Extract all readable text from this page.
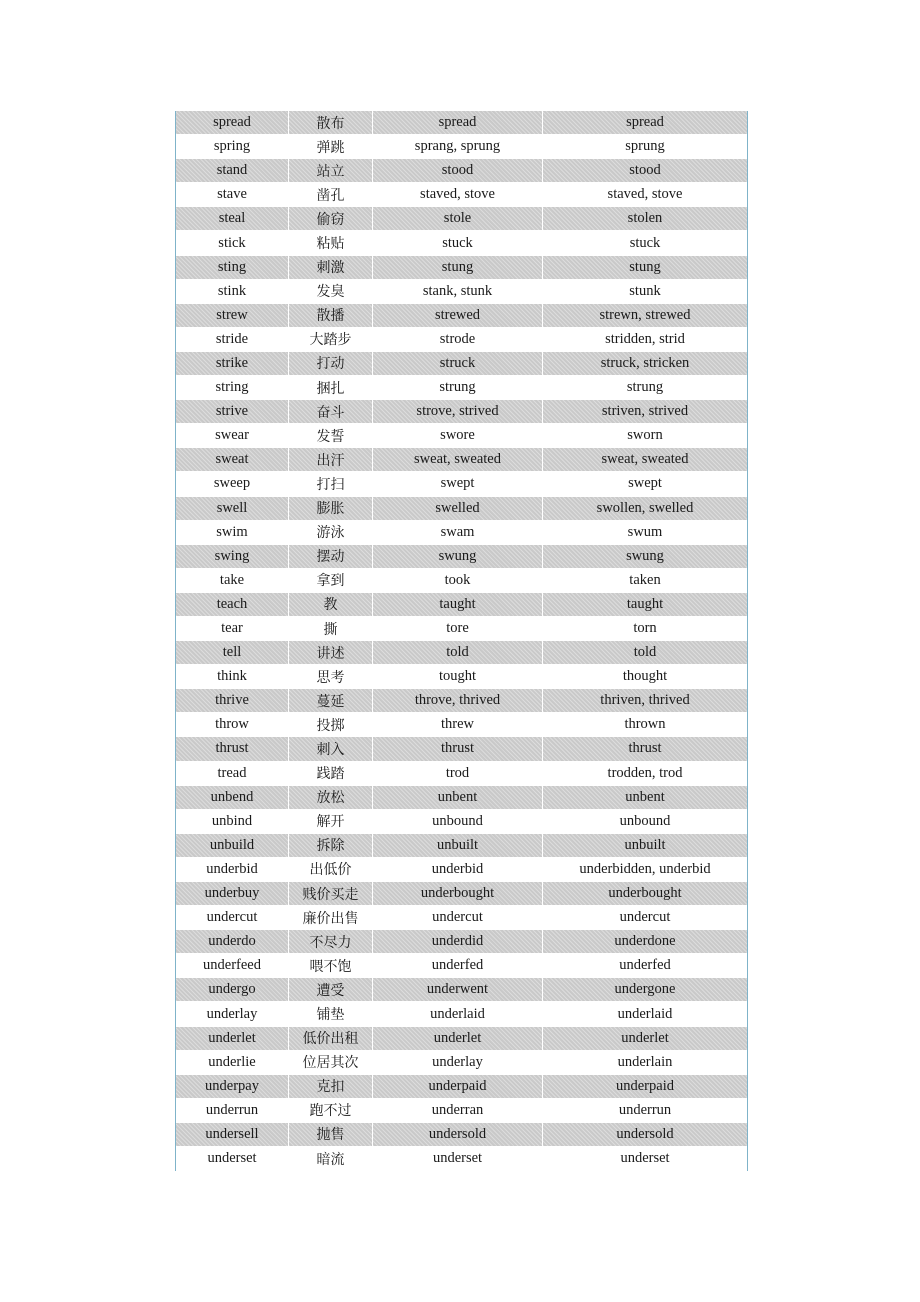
spread	散布	spread	spread
spring	弹跳	sprang, sprung	sprung
stand	站立	stood	stood
stave	凿孔	staved, stove	staved, stove
steal	偷窃	stole	stolen
stick	粘贴	stuck	stuck
sting	刺激	stung	stung
stink	发臭	stank, stunk	stunk
strew	散播	strewed	strewn, strewed
stride	大踏步	strode	stridden, strid
strike	打动	struck	struck, stricken
string	捆扎	strung	strung
strive	奋斗	strove, strived	striven, strived
swear	发誓	swore	sworn
sweat	出汗	sweat, sweated	sweat, sweated
sweep	打扫	swept	swept
swell	膨胀	swelled	swollen, swelled
swim	游泳	swam	swum
swing	摆动	swung	swung
take	拿到	took	taken
teach	教	taught	taught
tear	撕	tore	torn
tell	讲述	told	told
think	思考	tought	thought
thrive	蔓延	throve, thrived	thriven, thrived
throw	投掷	threw	thrown
thrust	刺入	thrust	thrust
tread	践踏	trod	trodden, trod
unbend	放松	unbent	unbent
unbind	解开	unbound	unbound
unbuild	拆除	unbuilt	unbuilt
underbid	出低价	underbid	underbidden, underbid
underbuy	贱价买走	underbought	underbought
undercut	廉价出售	undercut	undercut
underdo	不尽力	underdid	underdone
underfeed	喂不饱	underfed	underfed
undergo	遭受	underwent	undergone
underlay	铺垫	underlaid	underlaid
underlet	低价出租	underlet	underlet
underlie	位居其次	underlay	underlain
underpay	克扣	underpaid	underpaid
underrun	跑不过	underran	underrun
undersell	抛售	undersold	undersold
underset	暗流	underset	underset
